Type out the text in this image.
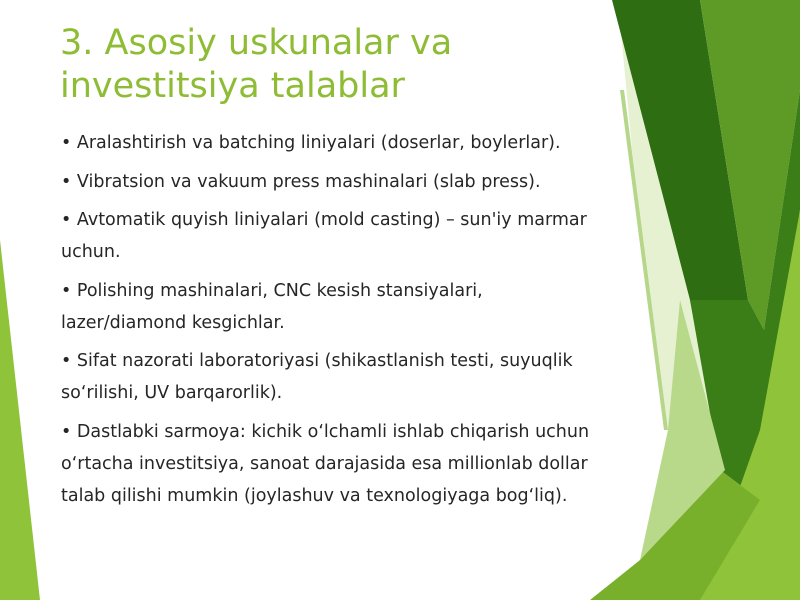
3. Asosiy uskunalar va investitsiya talablar
• Aralashtirish va batching liniyalari (doserlar, boylerlar).
• Vibratsion va vakuum press mashinalari (slab press).
• Avtomatik quyish liniyalari (mold casting) – sun'iy marmar uchun.
• Polishing mashinalari, CNC kesish stansiyalari, lazer/diamond kesgichlar.
• Sifat nazorati laboratoriyasi (shikastlanish testi, suyuqlik so‘rilishi, UV barqarorlik).
• Dastlabki sarmoya: kichik o‘lchamli ishlab chiqarish uchun o‘rtacha investitsiya, sanoat darajasida esa millionlab dollar talab qilishi mumkin (joylashuv va texnologiyaga bog‘liq).
